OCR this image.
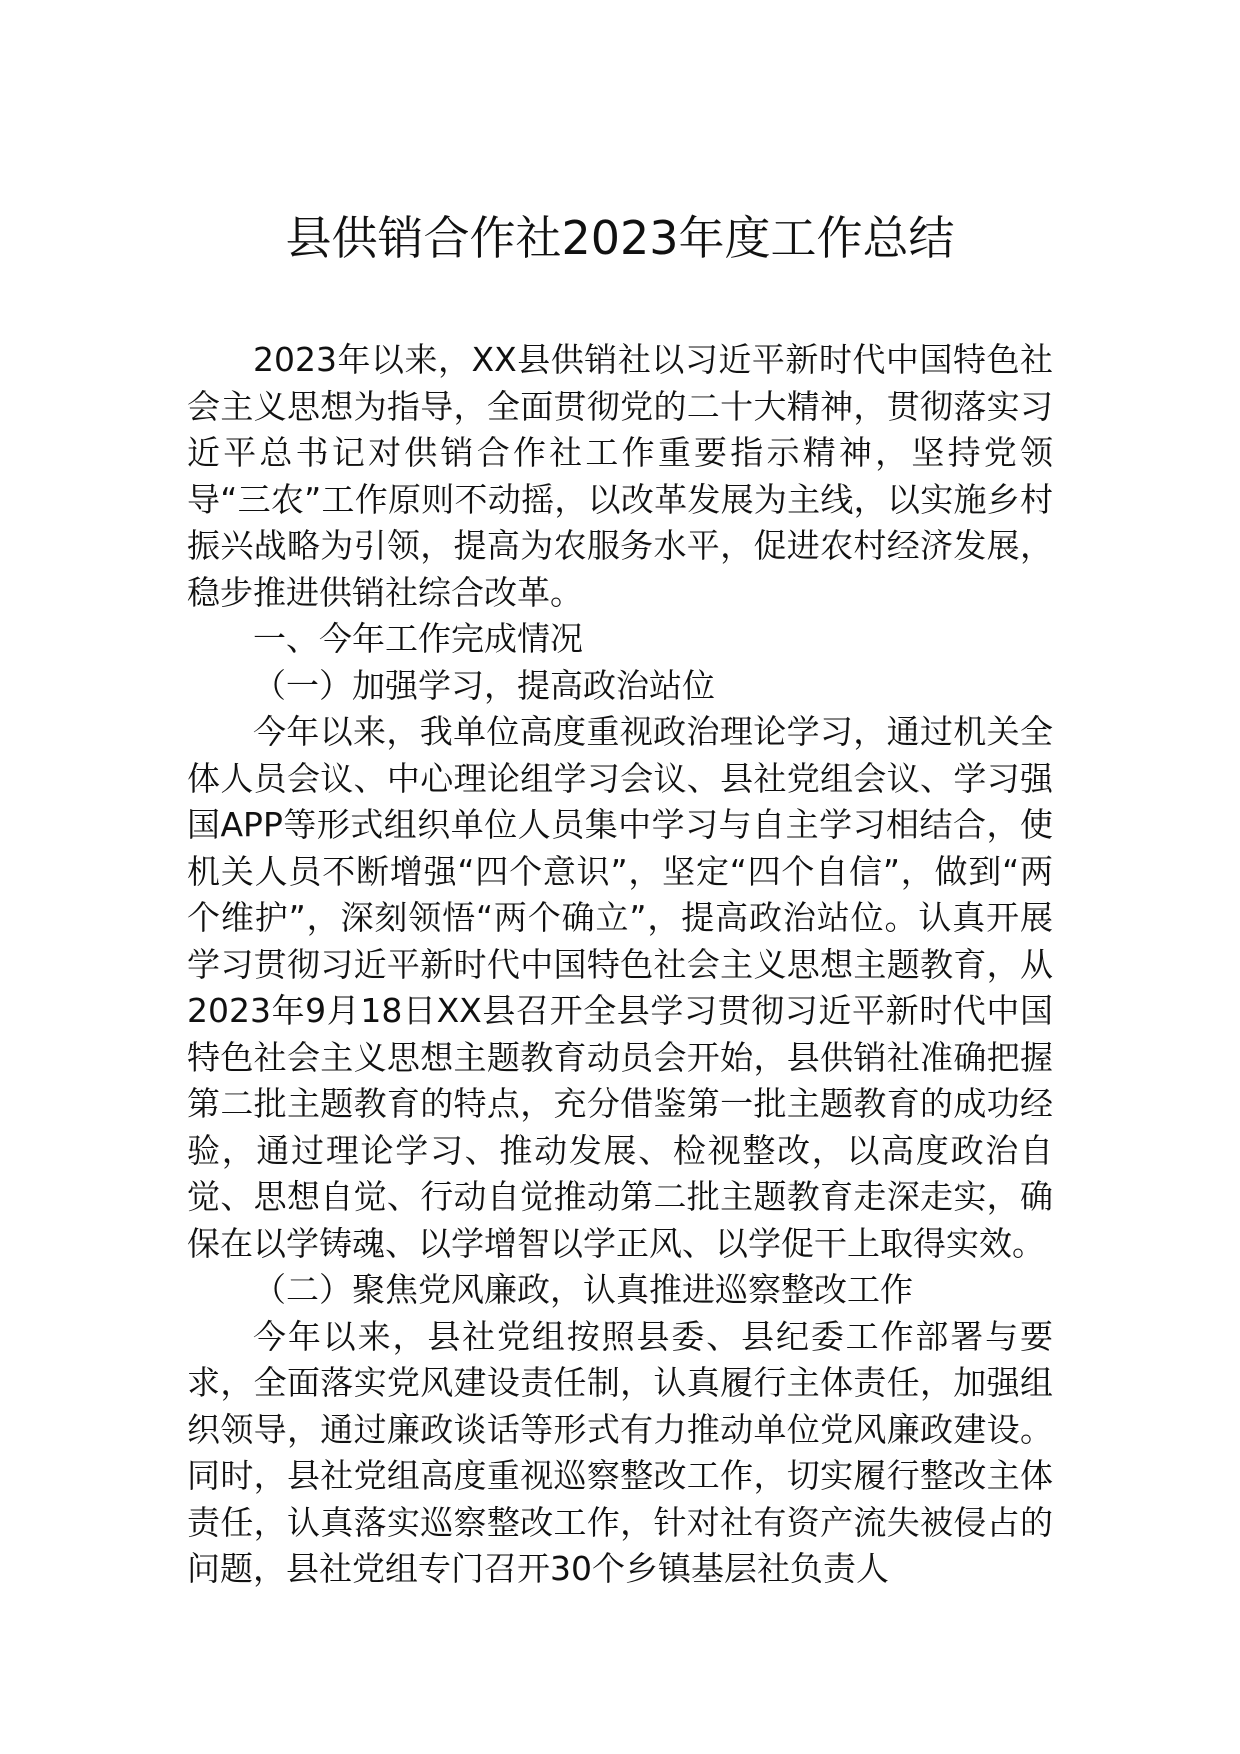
县供销合作社2023年度工作总结

2023年以来，XX县供销社以习近平新时代中国特色社会主义思想为指导，全面贯彻党的二十大精神，贯彻落实习近平总书记对供销合作社工作重要指示精神，坚持党领导“三农”工作原则不动摇，以改革发展为主线，以实施乡村振兴战略为引领，提高为农服务水平，促进农村经济发展，稳步推进供销社综合改革。

一、今年工作完成情况

（一）加强学习，提高政治站位

今年以来，我单位高度重视政治理论学习，通过机关全体人员会议、中心理论组学习会议、县社党组会议、学习强国APP等形式组织单位人员集中学习与自主学习相结合，使机关人员不断增强“四个意识”，坚定“四个自信”，做到“两个维护”，深刻领悟“两个确立”，提高政治站位。认真开展学习贯彻习近平新时代中国特色社会主义思想主题教育，从2023年9月18日XX县召开全县学习贯彻习近平新时代中国特色社会主义思想主题教育动员会开始，县供销社准确把握第二批主题教育的特点，充分借鉴第一批主题教育的成功经验，通过理论学习、推动发展、检视整改，以高度政治自觉、思想自觉、行动自觉推动第二批主题教育走深走实，确保在以学铸魂、以学增智以学正风、以学促干上取得实效。

（二）聚焦党风廉政，认真推进巡察整改工作

今年以来，县社党组按照县委、县纪委工作部署与要求，全面落实党风建设责任制，认真履行主体责任，加强组织领导，通过廉政谈话等形式有力推动单位党风廉政建设。同时，县社党组高度重视巡察整改工作，切实履行整改主体责任，认真落实巡察整改工作，针对社有资产流失被侵占的问题，县社党组专门召开30个乡镇基层社负责人
